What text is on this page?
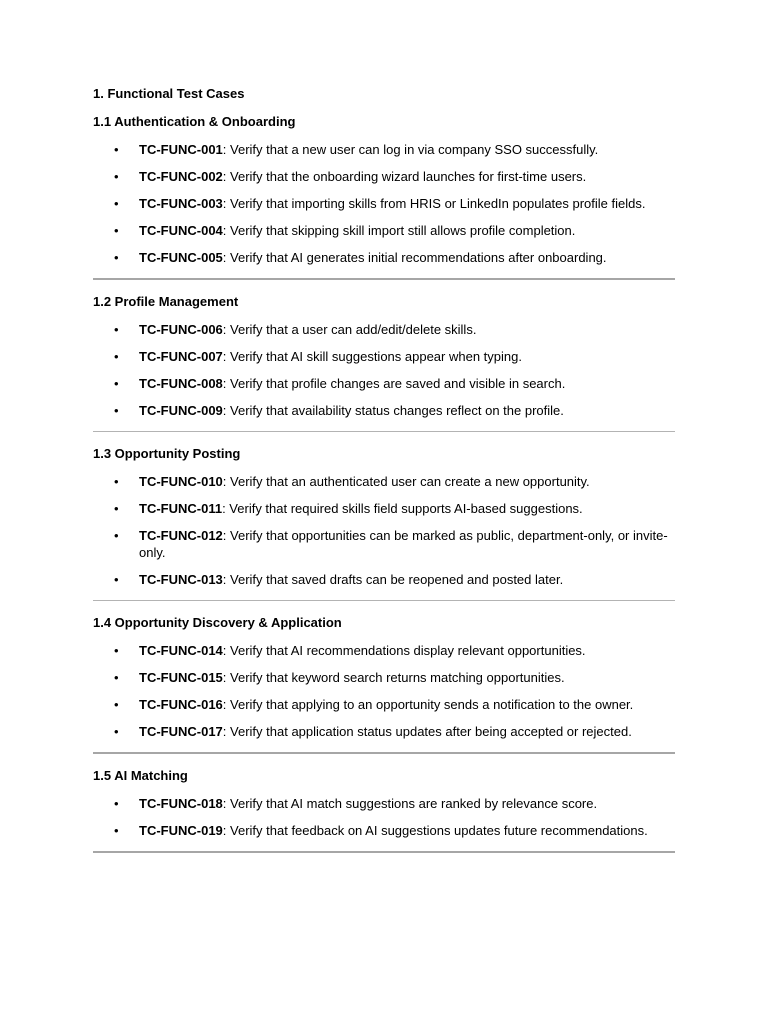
1. Functional Test Cases
1.1 Authentication & Onboarding
• TC-FUNC-001: Verify that a new user can log in via company SSO successfully.
• TC-FUNC-002: Verify that the onboarding wizard launches for first-time users.
• TC-FUNC-003: Verify that importing skills from HRIS or LinkedIn populates profile fields.
• TC-FUNC-004: Verify that skipping skill import still allows profile completion.
• TC-FUNC-005: Verify that AI generates initial recommendations after onboarding.
1.2 Profile Management
• TC-FUNC-006: Verify that a user can add/edit/delete skills.
• TC-FUNC-007: Verify that AI skill suggestions appear when typing.
• TC-FUNC-008: Verify that profile changes are saved and visible in search.
• TC-FUNC-009: Verify that availability status changes reflect on the profile.
1.3 Opportunity Posting
• TC-FUNC-010: Verify that an authenticated user can create a new opportunity.
• TC-FUNC-011: Verify that required skills field supports AI-based suggestions.
• TC-FUNC-012: Verify that opportunities can be marked as public, department-only, or invite-only.
• TC-FUNC-013: Verify that saved drafts can be reopened and posted later.
1.4 Opportunity Discovery & Application
• TC-FUNC-014: Verify that AI recommendations display relevant opportunities.
• TC-FUNC-015: Verify that keyword search returns matching opportunities.
• TC-FUNC-016: Verify that applying to an opportunity sends a notification to the owner.
• TC-FUNC-017: Verify that application status updates after being accepted or rejected.
1.5 AI Matching
• TC-FUNC-018: Verify that AI match suggestions are ranked by relevance score.
• TC-FUNC-019: Verify that feedback on AI suggestions updates future recommendations.
